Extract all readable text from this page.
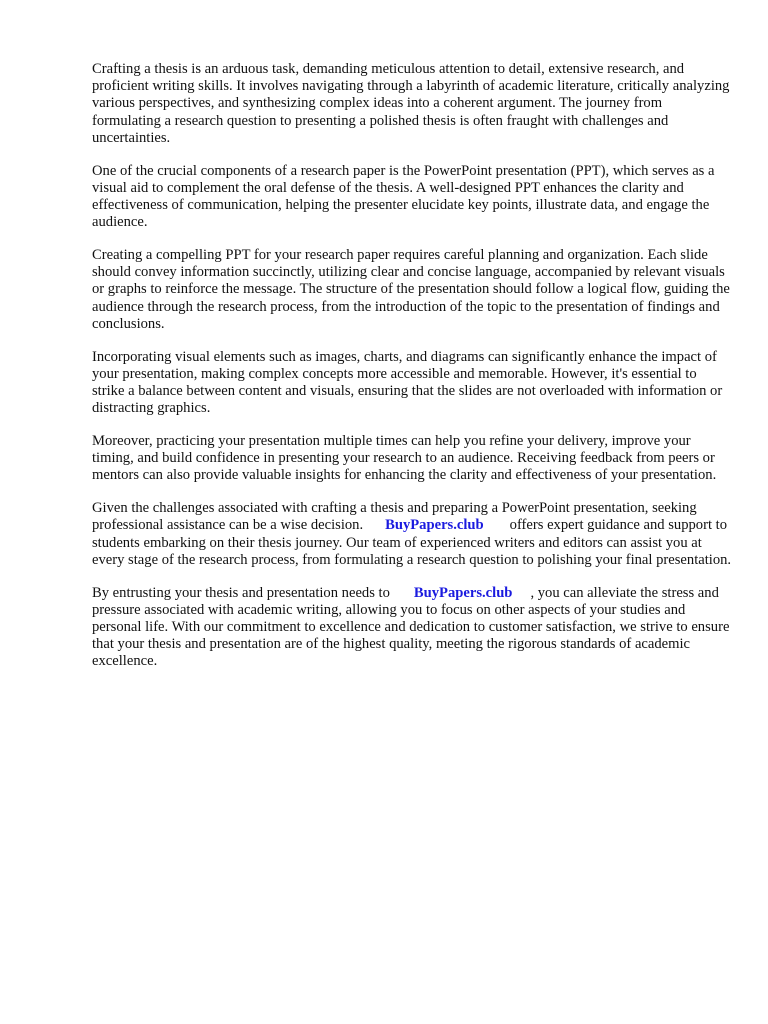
Crafting a thesis is an arduous task, demanding meticulous attention to detail, extensive research, and proficient writing skills. It involves navigating through a labyrinth of academic literature, critically analyzing various perspectives, and synthesizing complex ideas into a coherent argument. The journey from formulating a research question to presenting a polished thesis is often fraught with challenges and uncertainties.

One of the crucial components of a research paper is the PowerPoint presentation (PPT), which serves as a visual aid to complement the oral defense of the thesis. A well-designed PPT enhances the clarity and effectiveness of communication, helping the presenter elucidate key points, illustrate data, and engage the audience.

Creating a compelling PPT for your research paper requires careful planning and organization. Each slide should convey information succinctly, utilizing clear and concise language, accompanied by relevant visuals or graphs to reinforce the message. The structure of the presentation should follow a logical flow, guiding the audience through the research process, from the introduction of the topic to the presentation of findings and conclusions.

Incorporating visual elements such as images, charts, and diagrams can significantly enhance the impact of your presentation, making complex concepts more accessible and memorable. However, it's essential to strike a balance between content and visuals, ensuring that the slides are not overloaded with information or distracting graphics.

Moreover, practicing your presentation multiple times can help you refine your delivery, improve your timing, and build confidence in presenting your research to an audience. Receiving feedback from peers or mentors can also provide valuable insights for enhancing the clarity and effectiveness of your presentation.

Given the challenges associated with crafting a thesis and preparing a PowerPoint presentation, seeking professional assistance can be a wise decision. BuyPapers.club offers expert guidance and support to students embarking on their thesis journey. Our team of experienced writers and editors can assist you at every stage of the research process, from formulating a research question to polishing your final presentation.

By entrusting your thesis and presentation needs to BuyPapers.club , you can alleviate the stress and pressure associated with academic writing, allowing you to focus on other aspects of your studies and personal life. With our commitment to excellence and dedication to customer satisfaction, we strive to ensure that your thesis and presentation are of the highest quality, meeting the rigorous standards of academic excellence.
